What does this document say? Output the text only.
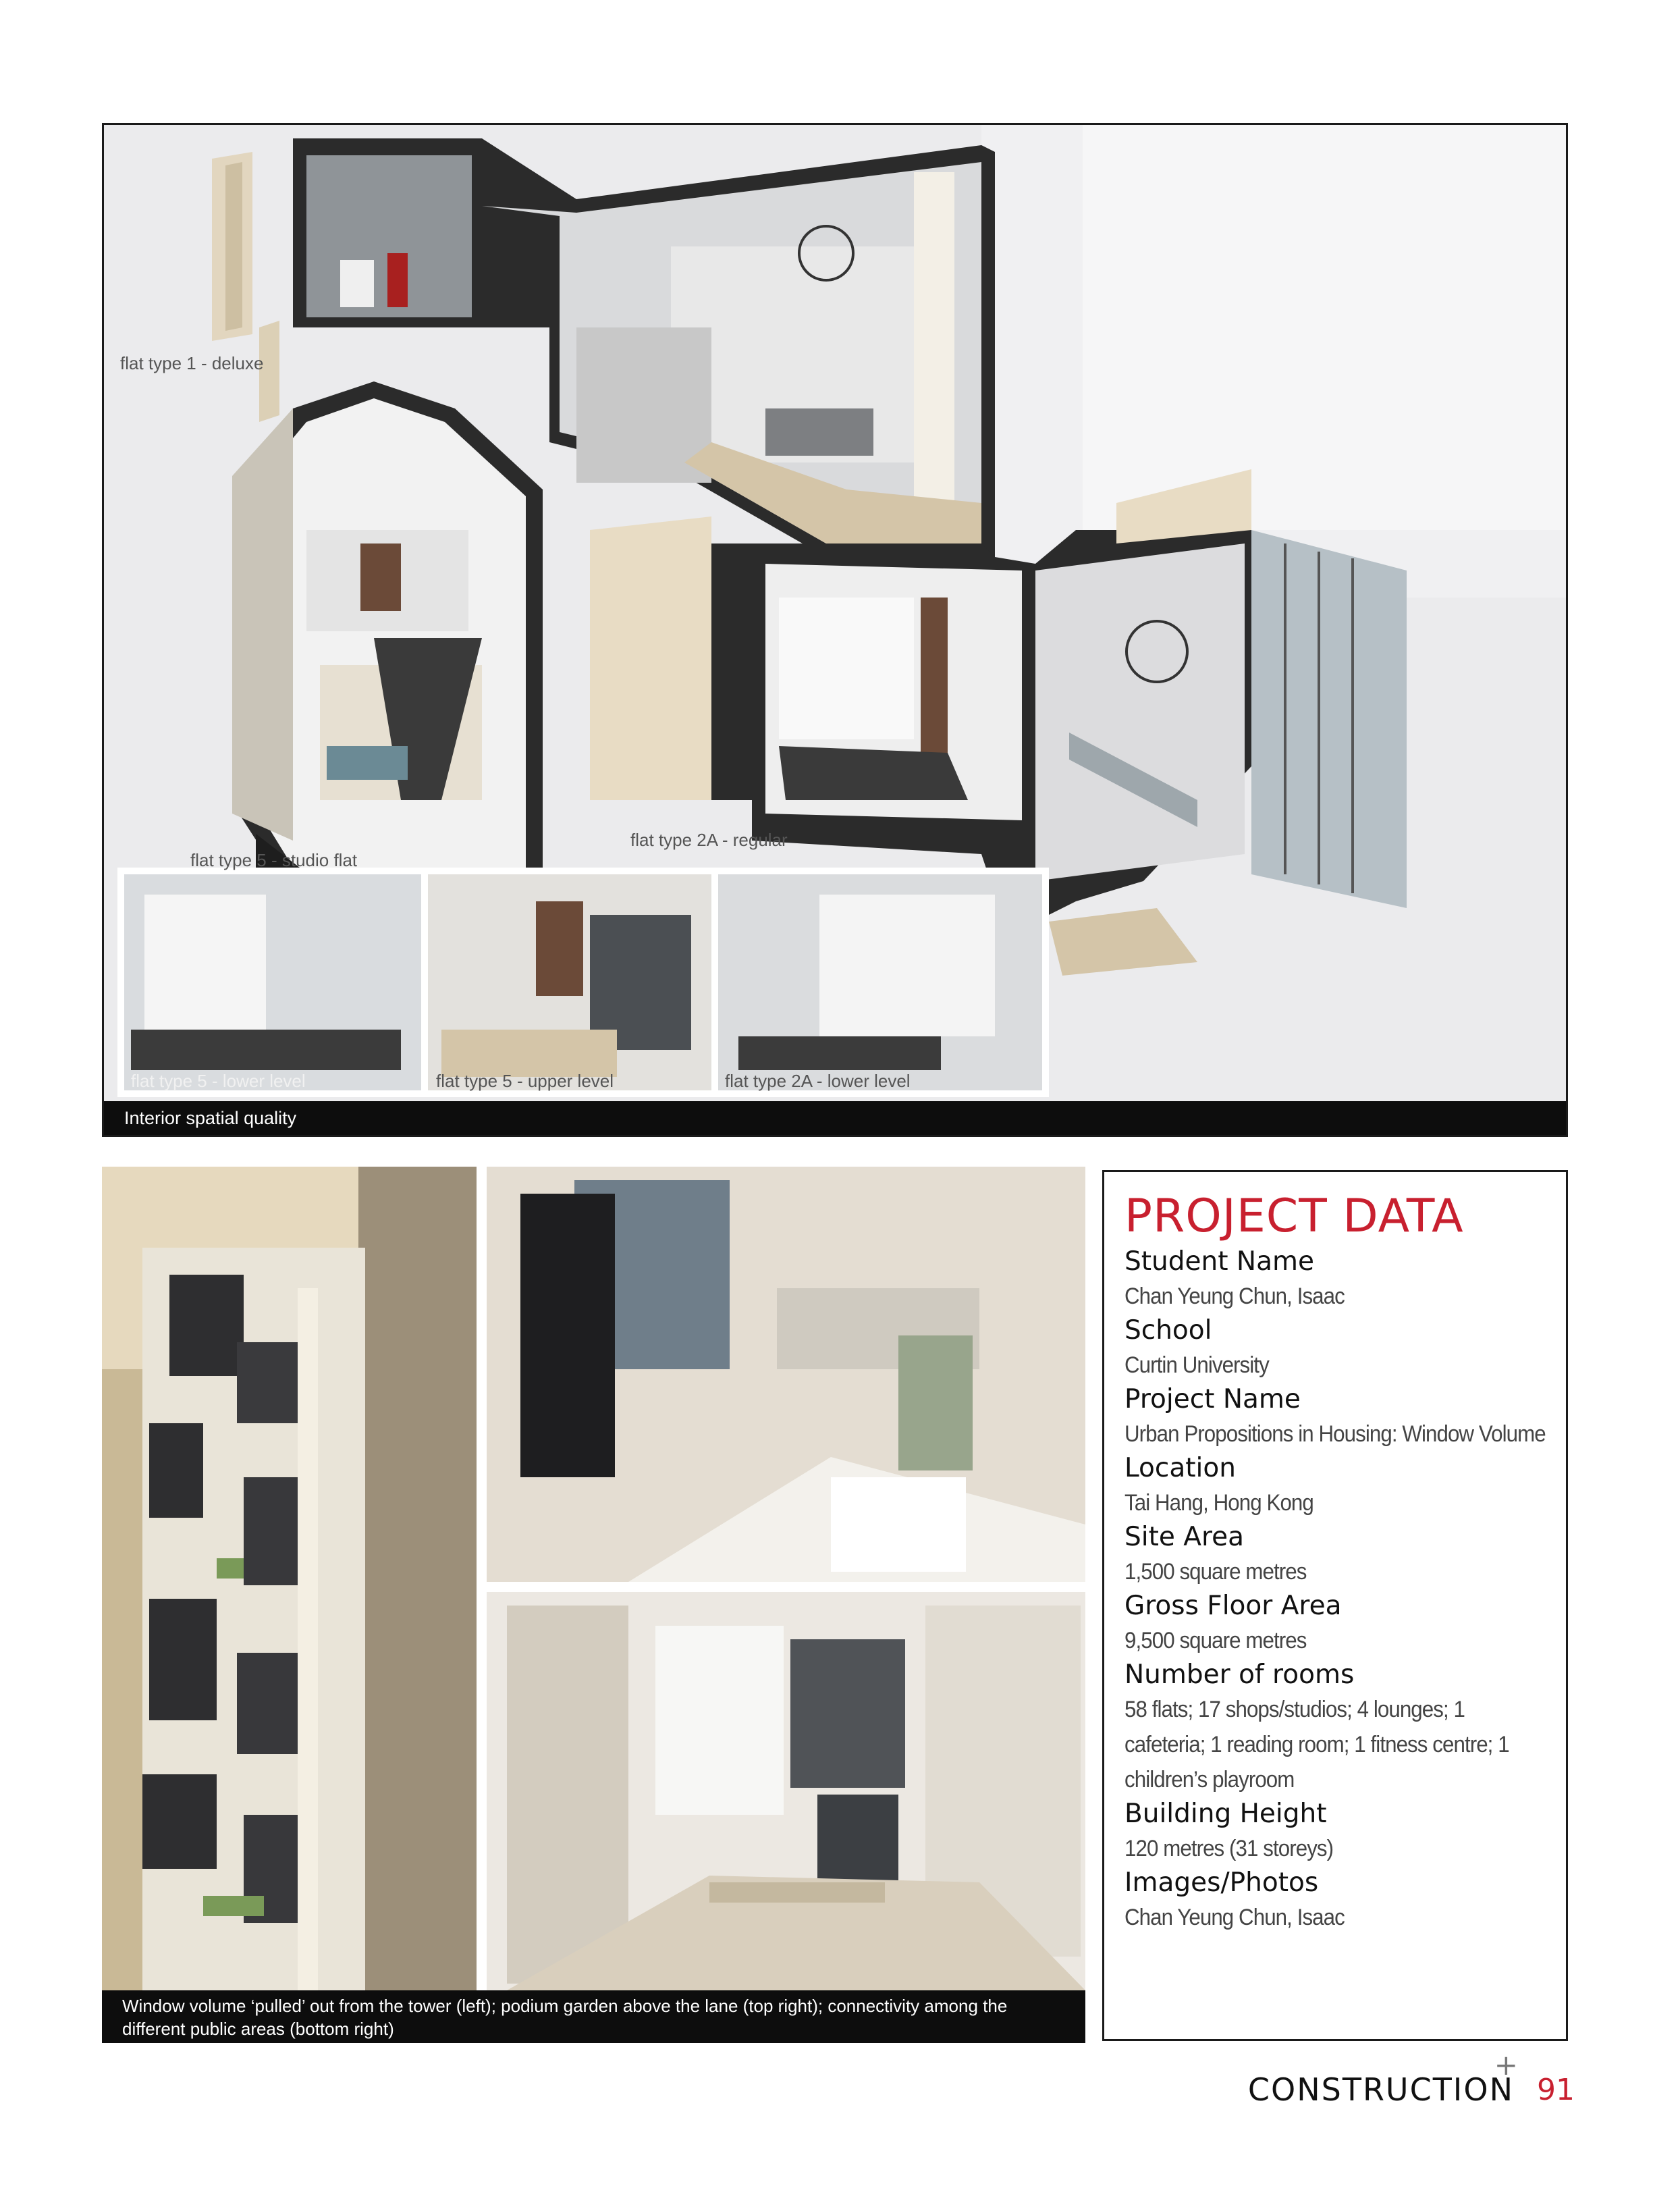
flat type 1 - deluxe
flat type 5 - studio flat
flat type 2A - regular
flat type 5 - lower level	flat type 5 - upper level	flat type 2A - lower level
Interior spatial quality
Window volume ‘pulled’ out from the tower (left); podium garden above the lane (top right); connectivity among the different public areas (bottom right)
PROJECT DATA
Student Name
Chan Yeung Chun, Isaac
School
Curtin University
Project Name
Urban Propositions in Housing: Window Volume
Location
Tai Hang, Hong Kong
Site Area
1,500 square metres
Gross Floor Area
9,500 square metres
Number of rooms
58 flats; 17 shops/studios; 4 lounges; 1 cafeteria; 1 reading room; 1 fitness centre; 1 children’s playroom
Building Height
120 metres (31 storeys)
Images/Photos
Chan Yeung Chun, Isaac
CONSTRUCTION
+
91
